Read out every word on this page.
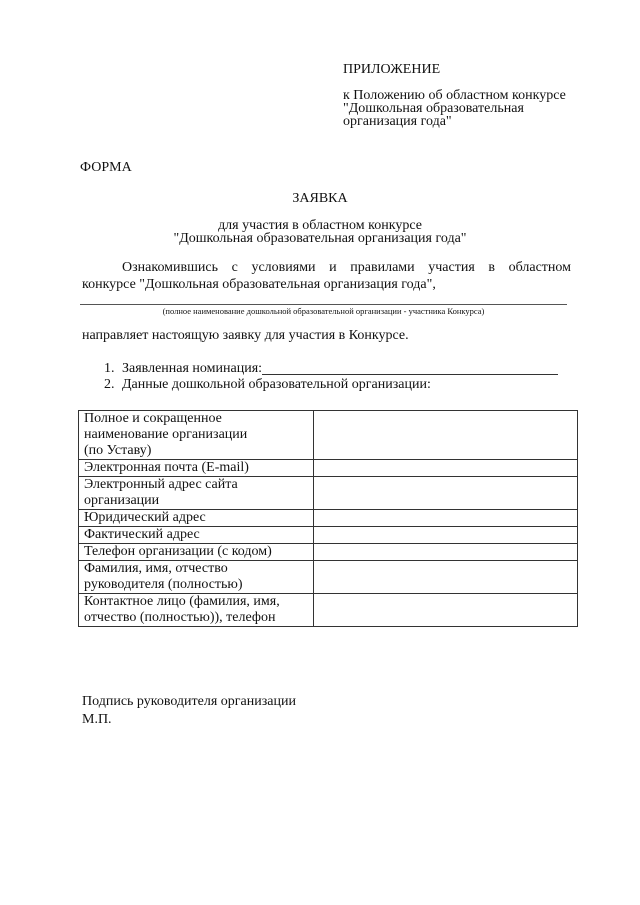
ПРИЛОЖЕНИЕ
к Положению об областном конкурсе
"Дошкольная образовательная
организация года"
ФОРМА
ЗАЯВКА
для участия в областном конкурсе
"Дошкольная образовательная организация года"
Ознакомившись с условиями и правилами участия в областном
конкурсе "Дошкольная образовательная организация года",
(полное наименование дошкольной образовательной организации - участника Конкурса)
направляет настоящую заявку для участия в Конкурсе.
1. Заявленная номинация:
2. Данные дошкольной образовательной организации:
Полное и сокращенное
наименование организации
(по Уставу)	

Электронная почта (E-mail)	

Электронный адрес сайта
организации	

Юридический адрес	

Фактический адрес	

Телефон организации (с кодом)	

Фамилия, имя, отчество
руководителя (полностью)	

Контактное лицо (фамилия, имя,
отчество (полностью)), телефон	

Подпись руководителя организации
М.П.
